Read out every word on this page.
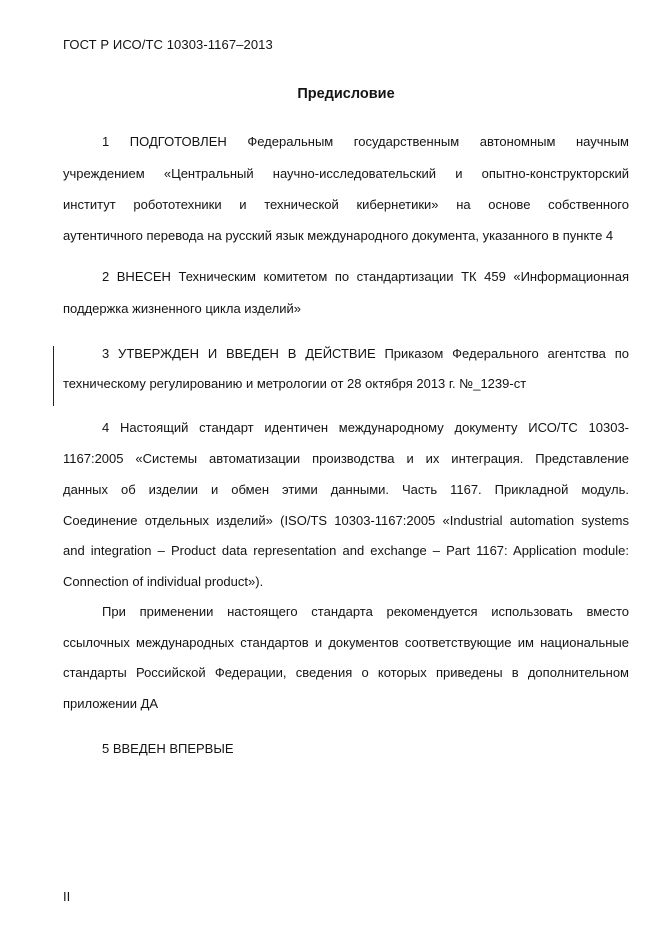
ГОСТ Р ИСО/ТС 10303-1167–2013
Предисловие
1 ПОДГОТОВЛЕН Федеральным государственным автономным научным
учреждением «Центральный научно-исследовательский и опытно-конструкторский
институт робототехники и технической кибернетики» на основе собственного
аутентичного перевода на русский язык международного документа, указанного в пункте 4
2 ВНЕСЕН Техническим комитетом по стандартизации ТК 459 «Информационная
поддержка жизненного цикла изделий»
3 УТВЕРЖДЕН И ВВЕДЕН В ДЕЙСТВИЕ Приказом Федерального агентства по
техническому регулированию и метрологии от 28 октября 2013 г. №_1239-ст
4 Настоящий стандарт идентичен международному документу ИСО/ТС 10303-
1167:2005 «Системы автоматизации производства и их интеграция. Представление
данных об изделии и обмен этими данными. Часть 1167. Прикладной модуль.
Соединение отдельных изделий» (ISO/TS 10303-1167:2005 «Industrial automation systems
and integration – Product data representation and exchange – Part 1167: Application module:
Connection of individual product»).
При применении настоящего стандарта рекомендуется использовать вместо
ссылочных международных стандартов и документов соответствующие им национальные
стандарты Российской Федерации, сведения о которых приведены в дополнительном
приложении ДА
5 ВВЕДЕН ВПЕРВЫЕ
II
